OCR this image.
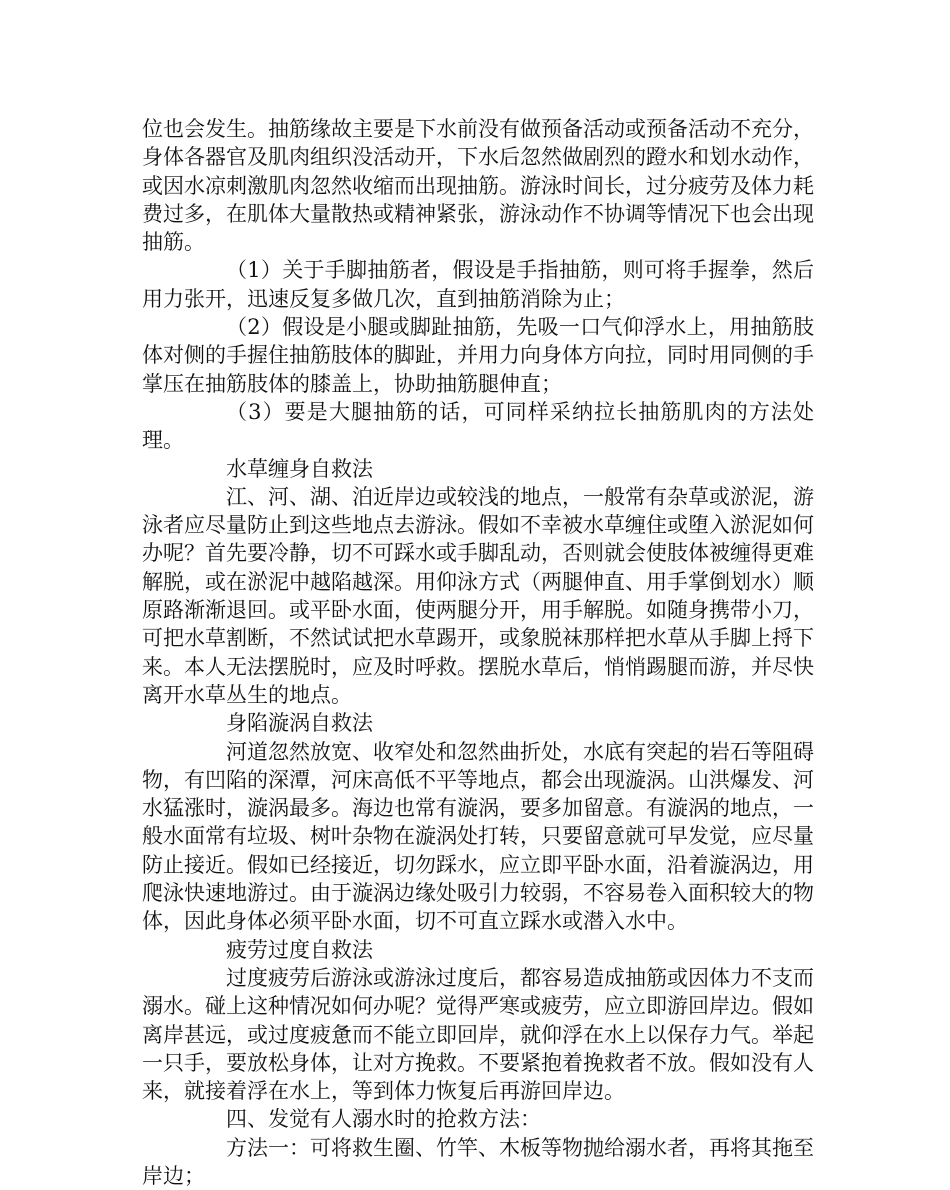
位也会发生。抽筋缘故主要是下水前没有做预备活动或预备活动不充分，身体各器官及肌肉组织没活动开，下水后忽然做剧烈的蹬水和划水动作，或因水凉刺激肌肉忽然收缩而出现抽筋。游泳时间长，过分疲劳及体力耗费过多，在肌体大量散热或精神紧张，游泳动作不协调等情况下也会出现抽筋。

（1）关于手脚抽筋者，假设是手指抽筋，则可将手握拳，然后用力张开，迅速反复多做几次，直到抽筋消除为止；

（2）假设是小腿或脚趾抽筋，先吸一口气仰浮水上，用抽筋肢体对侧的手握住抽筋肢体的脚趾，并用力向身体方向拉，同时用同侧的手掌压在抽筋肢体的膝盖上，协助抽筋腿伸直；

（3）要是大腿抽筋的话，可同样采纳拉长抽筋肌肉的方法处理。

水草缠身自救法

江、河、湖、泊近岸边或较浅的地点，一般常有杂草或淤泥，游泳者应尽量防止到这些地点去游泳。假如不幸被水草缠住或堕入淤泥如何办呢？首先要冷静，切不可踩水或手脚乱动，否则就会使肢体被缠得更难解脱，或在淤泥中越陷越深。用仰泳方式（两腿伸直、用手掌倒划水）顺原路渐渐退回。或平卧水面，使两腿分开，用手解脱。如随身携带小刀，可把水草割断，不然试试把水草踢开，或象脱袜那样把水草从手脚上捋下来。本人无法摆脱时，应及时呼救。摆脱水草后，悄悄踢腿而游，并尽快离开水草丛生的地点。

身陷漩涡自救法

河道忽然放宽、收窄处和忽然曲折处，水底有突起的岩石等阻碍物，有凹陷的深潭，河床高低不平等地点，都会出现漩涡。山洪爆发、河水猛涨时，漩涡最多。海边也常有漩涡，要多加留意。有漩涡的地点，一般水面常有垃圾、树叶杂物在漩涡处打转，只要留意就可早发觉，应尽量防止接近。假如已经接近，切勿踩水，应立即平卧水面，沿着漩涡边，用爬泳快速地游过。由于漩涡边缘处吸引力较弱，不容易卷入面积较大的物体，因此身体必须平卧水面，切不可直立踩水或潜入水中。

疲劳过度自救法

过度疲劳后游泳或游泳过度后，都容易造成抽筋或因体力不支而溺水。碰上这种情况如何办呢？觉得严寒或疲劳，应立即游回岸边。假如离岸甚远，或过度疲惫而不能立即回岸，就仰浮在水上以保存力气。举起一只手，要放松身体，让对方挽救。不要紧抱着挽救者不放。假如没有人来，就接着浮在水上，等到体力恢复后再游回岸边。

四、发觉有人溺水时的抢救方法：

方法一：可将救生圈、竹竿、木板等物抛给溺水者，再将其拖至岸边；
